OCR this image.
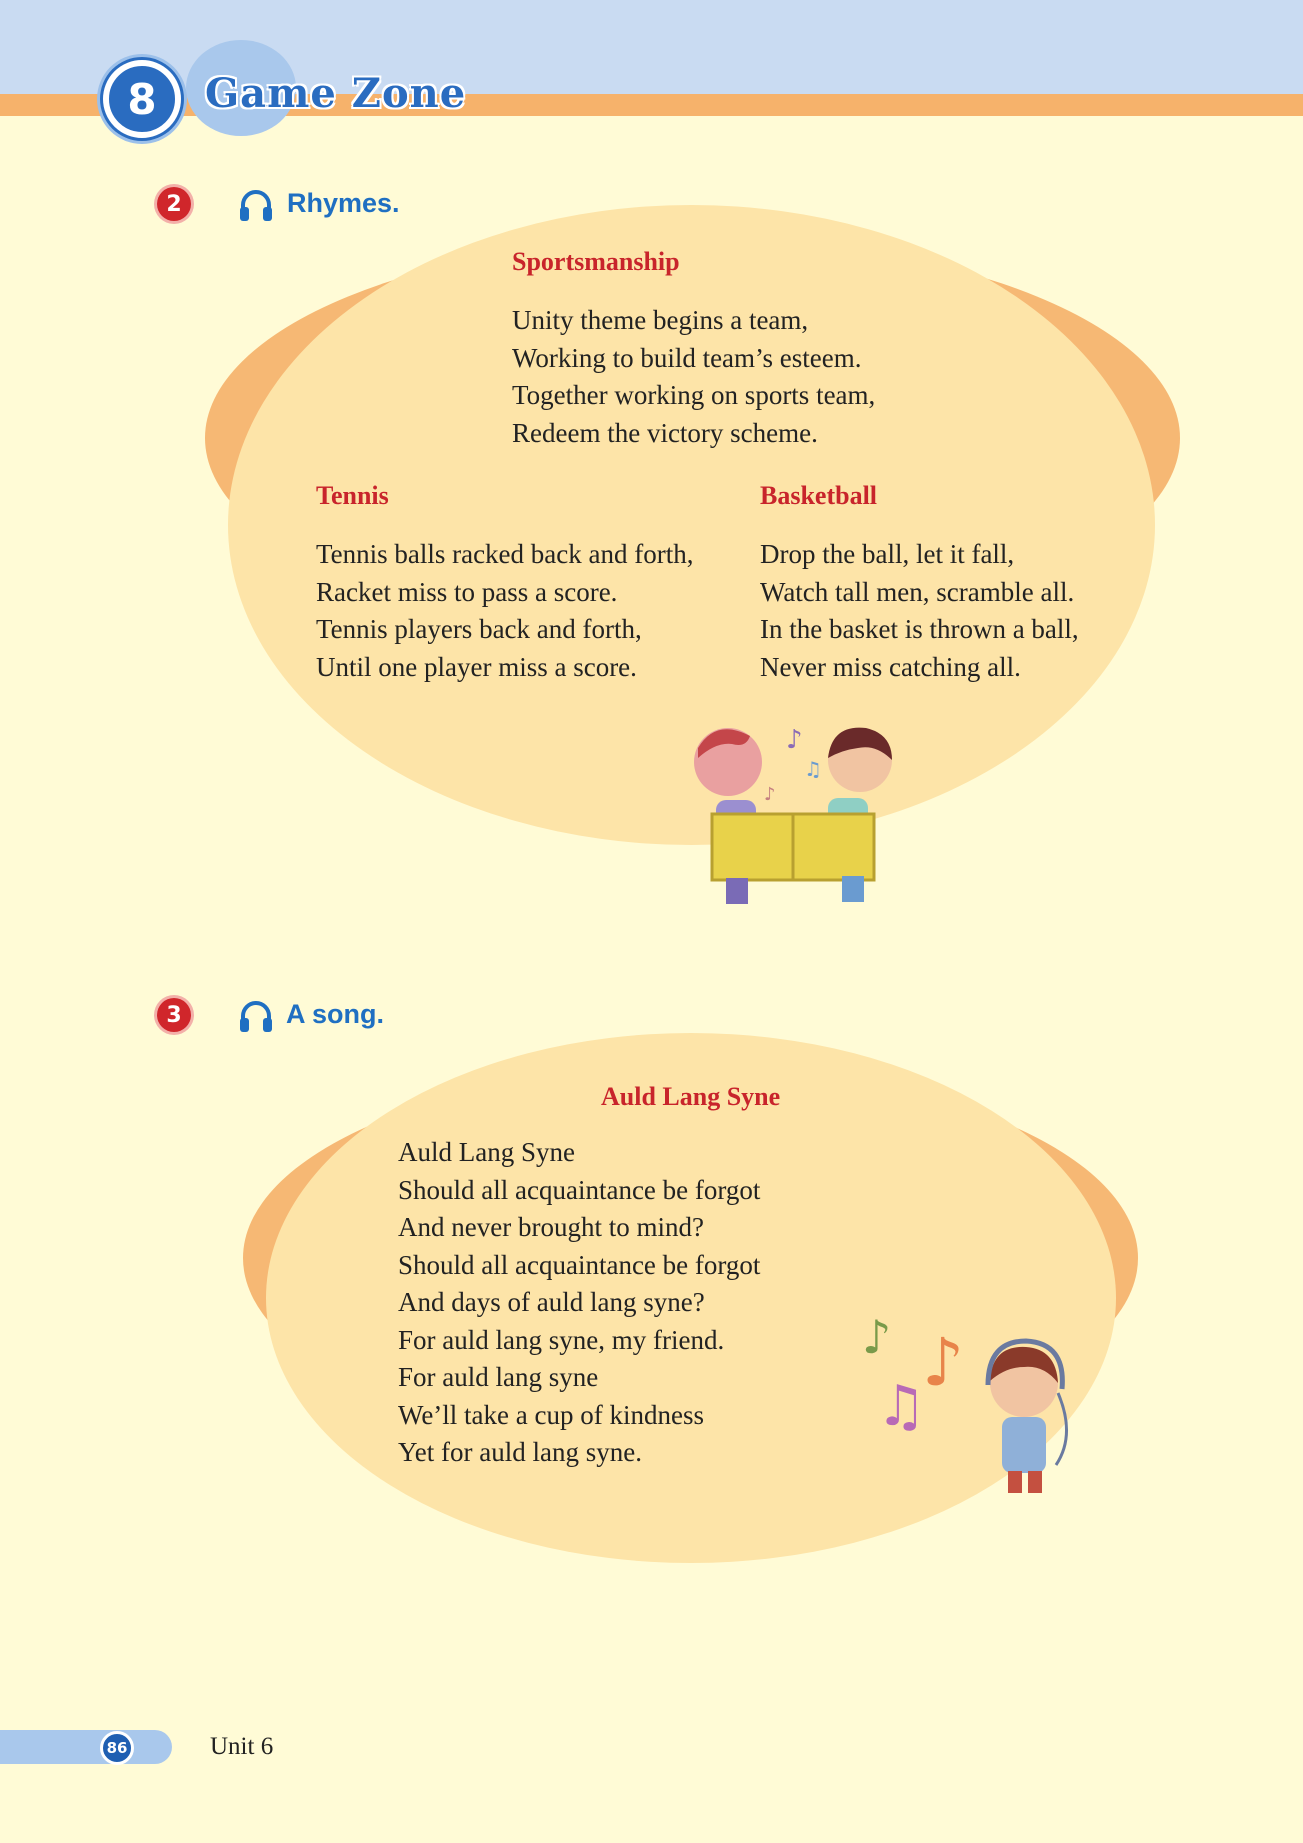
8	Game Zone
2	Rhymes.
Sportsmanship
Unity theme begins a team,
Working to build team’s esteem.
Together working on sports team,
Redeem the victory scheme.
Tennis
Tennis balls racked back and forth,
Racket miss to pass a score.
Tennis players back and forth,
Until one player miss a score.
Basketball
Drop the ball, let it fall,
Watch tall men, scramble all.
In the basket is thrown a ball,
Never miss catching all.
♪
♫
♪
3	A song.
Auld Lang Syne
Auld Lang Syne
Should all acquaintance be forgot
And never brought to mind?
Should all acquaintance be forgot
And days of auld lang syne?
For auld lang syne, my friend.
For auld lang syne
We’ll take a cup of kindness
Yet for auld lang syne.
♪ ♪
♫
86	Unit 6
